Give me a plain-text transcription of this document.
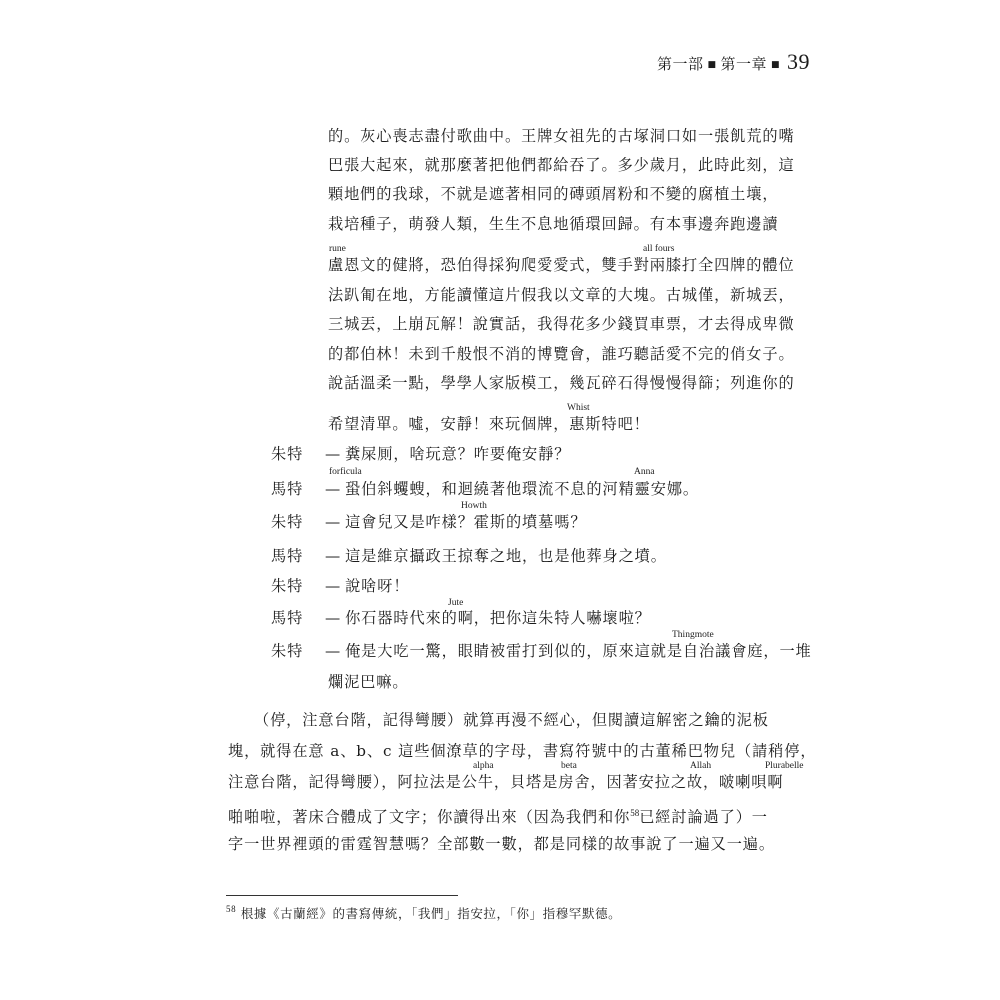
第一部 ■ 第一章 ■ 39
的。灰心喪志盡付歌曲中。王牌女祖先的古塚洞口如一張飢荒的嘴
巴張大起來，就那麼著把他們都給吞了。多少歲月，此時此刻，這
顆地們的我球，不就是遮著相同的磚頭屑粉和不變的腐植土壤，
栽培種子，萌發人類，生生不息地循環回歸。有本事邊奔跑邊讀
rune	all fours
盧恩文的健將，恐伯得採狗爬愛愛式，雙手對兩膝打全四牌的體位
法趴匍在地，方能讀懂這片假我以文章的大塊。古城僅，新城丟，
三城丟，上崩瓦解！說實話，我得花多少錢買車票，才去得成卑微
的都伯林！未到千般恨不消的博覽會，誰巧聽話愛不完的俏女子。
說話溫柔一點，學學人家版模工，幾瓦碎石得慢慢得篩；列進你的
Whist
希望清單。噓，安靜！來玩個牌，惠斯特吧！
朱特 — 糞屎厠，啥玩意？咋要俺安靜？
forficula	Anna
馬特 — 蛩伯斜蠼螋，和迴繞著他環流不息的河精靈安娜。
Howth
朱特 — 這會兒又是咋樣？霍斯的墳墓嗎？
馬特 — 這是維京攝政王掠奪之地，也是他葬身之墳。
朱特 — 說啥呀！
Jute
馬特 — 你石器時代來的啊，把你這朱特人嚇壞啦？
Thingmote
朱特 — 俺是大吃一驚，眼睛被雷打到似的，原來這就是自治議會庭，一堆
爛泥巴嘛。
（停，注意台階，記得彎腰）就算再漫不經心，但閱讀這解密之鑰的泥板
塊，就得在意 a、b、c 這些個潦草的字母，書寫符號中的古董稀巴物兒（請稍停，
alpha	beta	Allah	Plurabelle
注意台階，記得彎腰），阿拉法是公牛，貝塔是房舍，因著安拉之故，啵喇唄啊
啪啪啦，著床合體成了文字；你讀得出來（因為我們和你$^{58}$已經討論過了）一
字一世界裡頭的雷霆智慧嗎？全部數一數，都是同樣的故事說了一遍又一遍。
$^{58}$ 根據《古蘭經》的書寫傳統，「我們」指安拉，「你」指穆罕默德。
